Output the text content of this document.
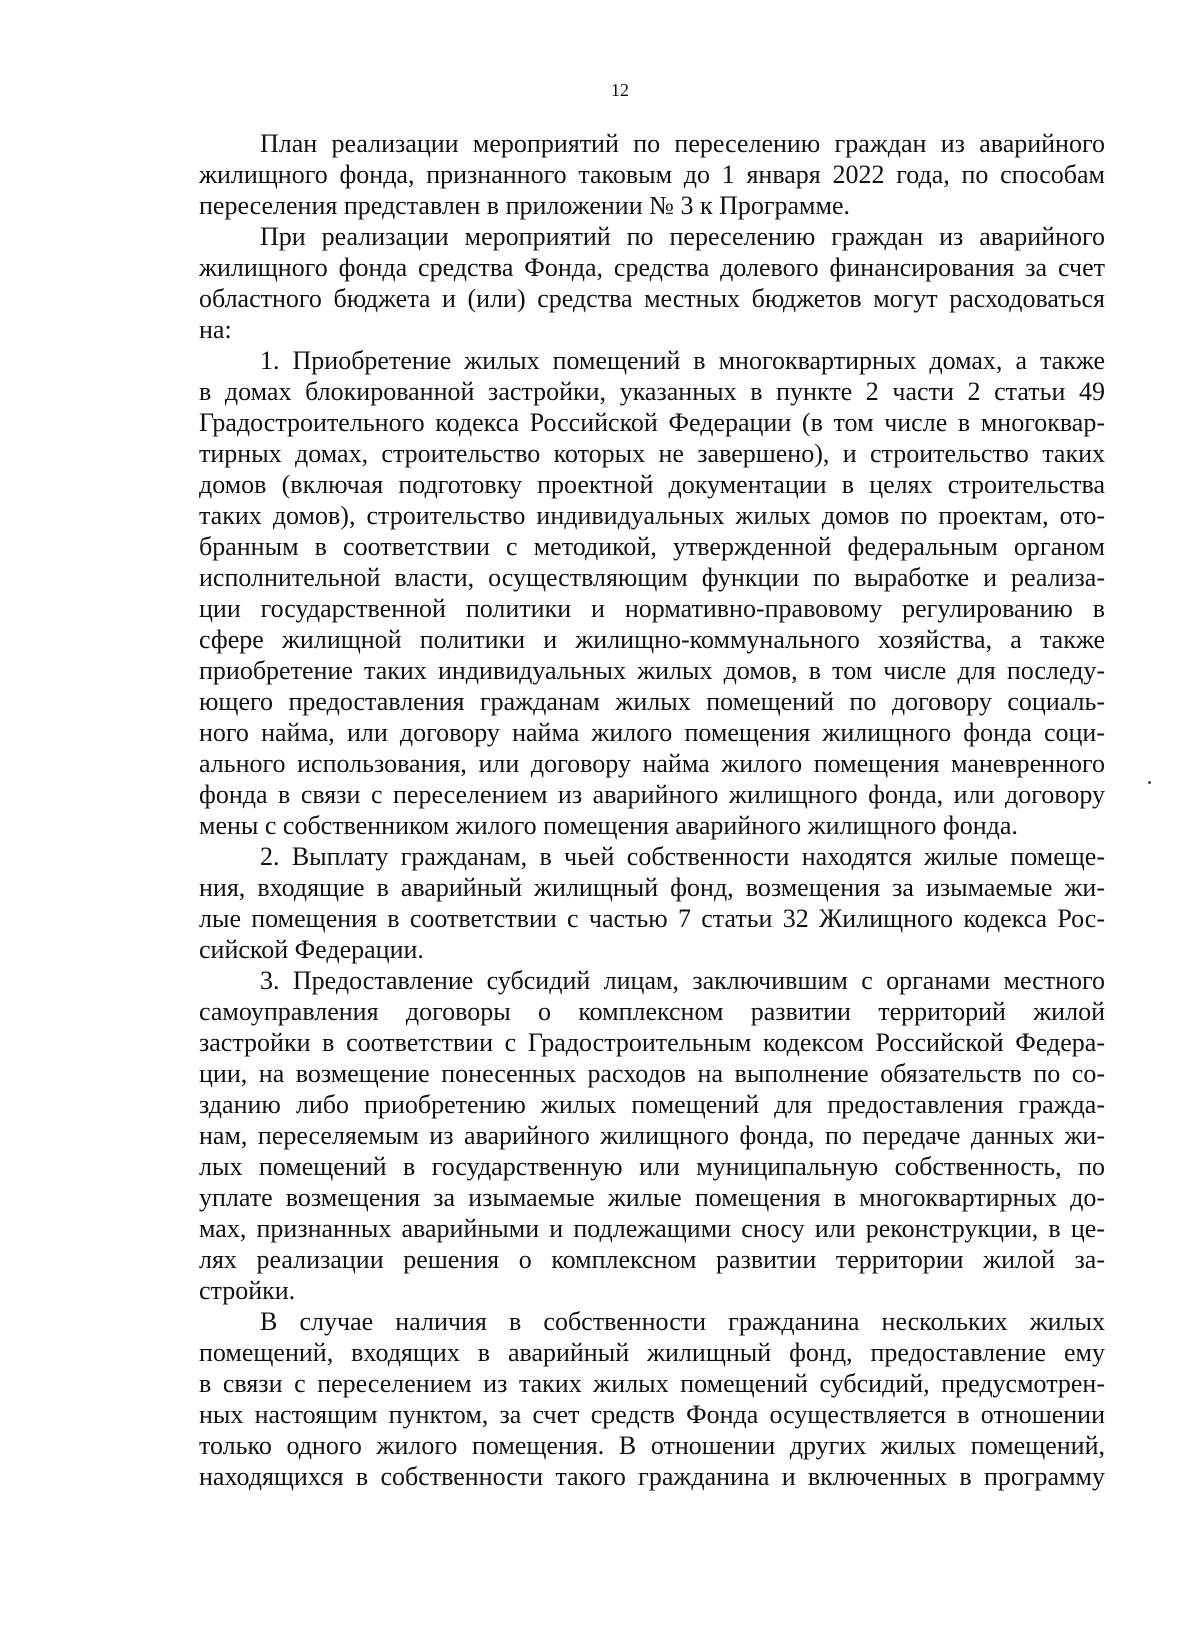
12

План реализации мероприятий по переселению граждан из аварийного
жилищного фонда, признанного таковым до 1 января 2022 года, по способам
переселения представлен в приложении № 3 к Программе.

При реализации мероприятий по переселению граждан из аварийного
жилищного фонда средства Фонда, средства долевого финансирования за счет
областного бюджета и (или) средства местных бюджетов могут расходоваться
на:

1. Приобретение жилых помещений в многоквартирных домах, а также
в домах блокированной застройки, указанных в пункте 2 части 2 статьи 49
Градостроительного кодекса Российской Федерации (в том числе в многоквар-
тирных домах, строительство которых не завершено), и строительство таких
домов (включая подготовку проектной документации в целях строительства
таких домов), строительство индивидуальных жилых домов по проектам, ото-
бранным в соответствии с методикой, утвержденной федеральным органом
исполнительной власти, осуществляющим функции по выработке и реализа-
ции государственной политики и нормативно-правовому регулированию в
сфере жилищной политики и жилищно-коммунального хозяйства, а также
приобретение таких индивидуальных жилых домов, в том числе для последу-
ющего предоставления гражданам жилых помещений по договору социаль-
ного найма, или договору найма жилого помещения жилищного фонда соци-
ального использования, или договору найма жилого помещения маневренного
фонда в связи с переселением из аварийного жилищного фонда, или договору
мены с собственником жилого помещения аварийного жилищного фонда.

2. Выплату гражданам, в чьей собственности находятся жилые помеще-
ния, входящие в аварийный жилищный фонд, возмещения за изымаемые жи-
лые помещения в соответствии с частью 7 статьи 32 Жилищного кодекса Рос-
сийской Федерации.

3. Предоставление субсидий лицам, заключившим с органами местного
самоуправления договоры о комплексном развитии территорий жилой
застройки в соответствии с Градостроительным кодексом Российской Федера-
ции, на возмещение понесенных расходов на выполнение обязательств по со-
зданию либо приобретению жилых помещений для предоставления гражда-
нам, переселяемым из аварийного жилищного фонда, по передаче данных жи-
лых помещений в государственную или муниципальную собственность, по
уплате возмещения за изымаемые жилые помещения в многоквартирных до-
мах, признанных аварийными и подлежащими сносу или реконструкции, в це-
лях реализации решения о комплексном развитии территории жилой за-
стройки.

В случае наличия в собственности гражданина нескольких жилых
помещений, входящих в аварийный жилищный фонд, предоставление ему
в связи с переселением из таких жилых помещений субсидий, предусмотрен-
ных настоящим пунктом, за счет средств Фонда осуществляется в отношении
только одного жилого помещения. В отношении других жилых помещений,
находящихся в собственности такого гражданина и включенных в программу
